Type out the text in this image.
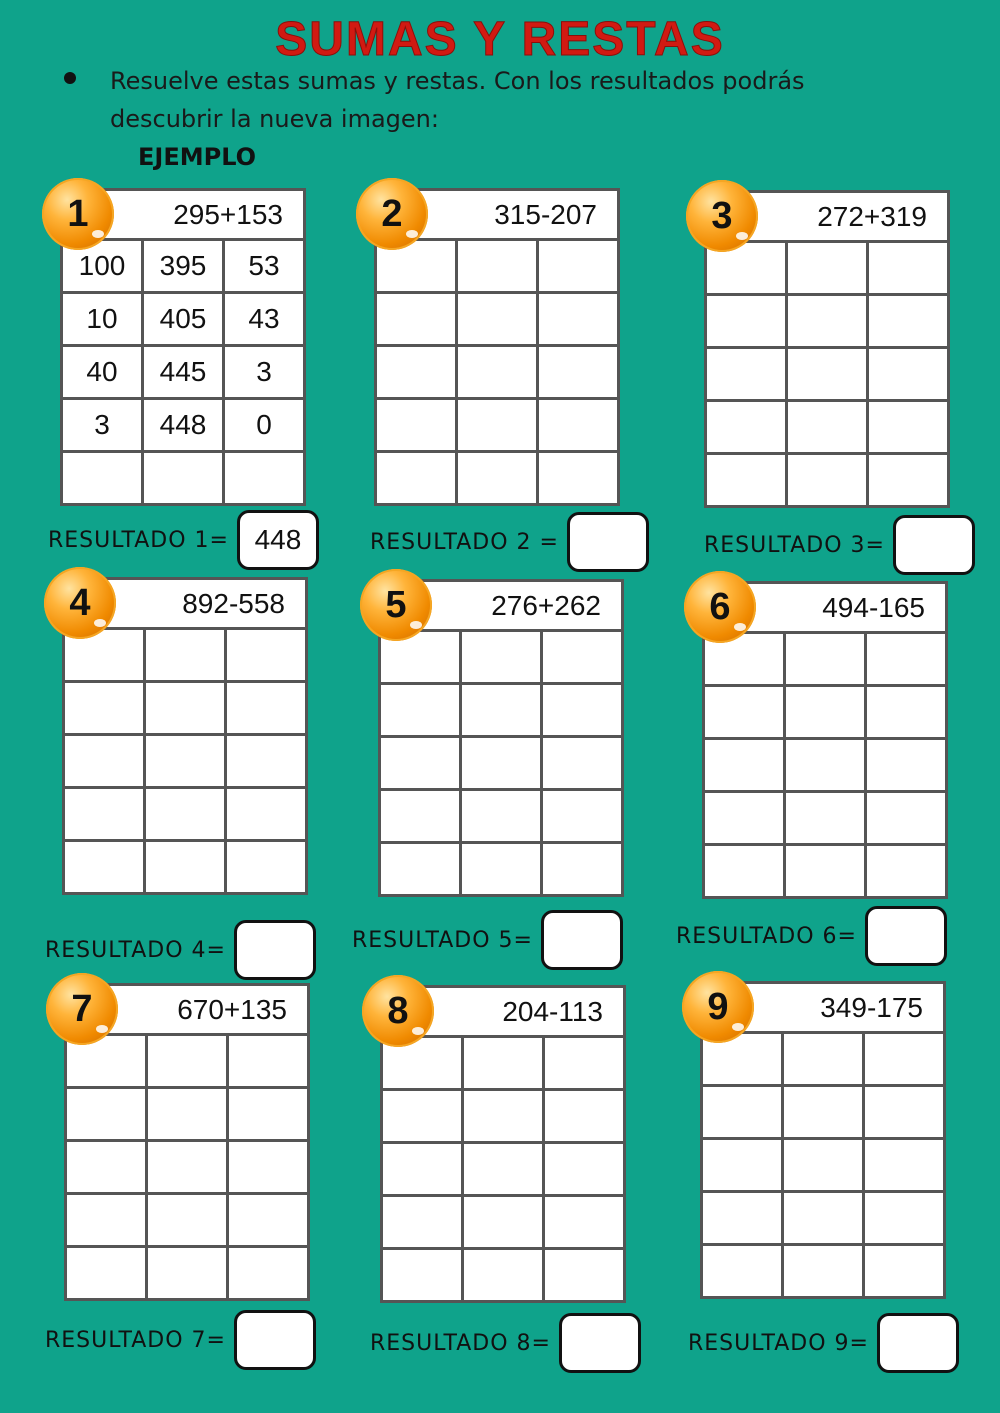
SUMAS Y RESTAS
Resuelve estas sumas y restas. Con los resultados podrás
descubrir la nueva imagen:
EJEMPLO
295+153
100	395	53
10	405	43
40	445	3
3	448	0
1
RESULTADO 1= 448
315-207
2
RESULTADO 2 =
272+319
3
RESULTADO 3=
892-558
4
RESULTADO 4=
276+262
5
RESULTADO 5=
494-165
6
RESULTADO 6=
670+135
7
RESULTADO 7=
204-113
8
RESULTADO 8=
349-175
9
RESULTADO 9=
